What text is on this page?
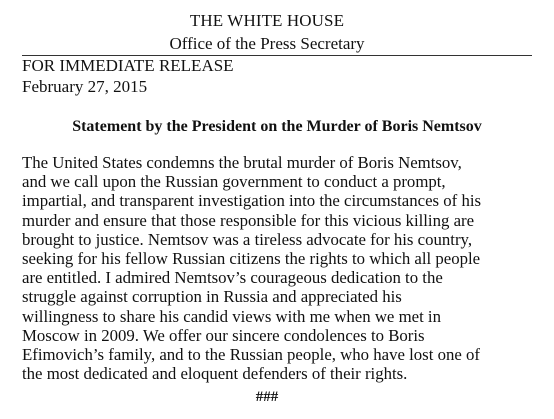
THE WHITE HOUSE
Office of the Press Secretary
FOR IMMEDIATE RELEASE
February 27, 2015
Statement by the President on the Murder of Boris Nemtsov
The United States condemns the brutal murder of Boris Nemtsov,
and we call upon the Russian government to conduct a prompt,
impartial, and transparent investigation into the circumstances of his
murder and ensure that those responsible for this vicious killing are
brought to justice. Nemtsov was a tireless advocate for his country,
seeking for his fellow Russian citizens the rights to which all people
are entitled. I admired Nemtsov’s courageous dedication to the
struggle against corruption in Russia and appreciated his
willingness to share his candid views with me when we met in
Moscow in 2009. We offer our sincere condolences to Boris
Efimovich’s family, and to the Russian people, who have lost one of
the most dedicated and eloquent defenders of their rights.
###
